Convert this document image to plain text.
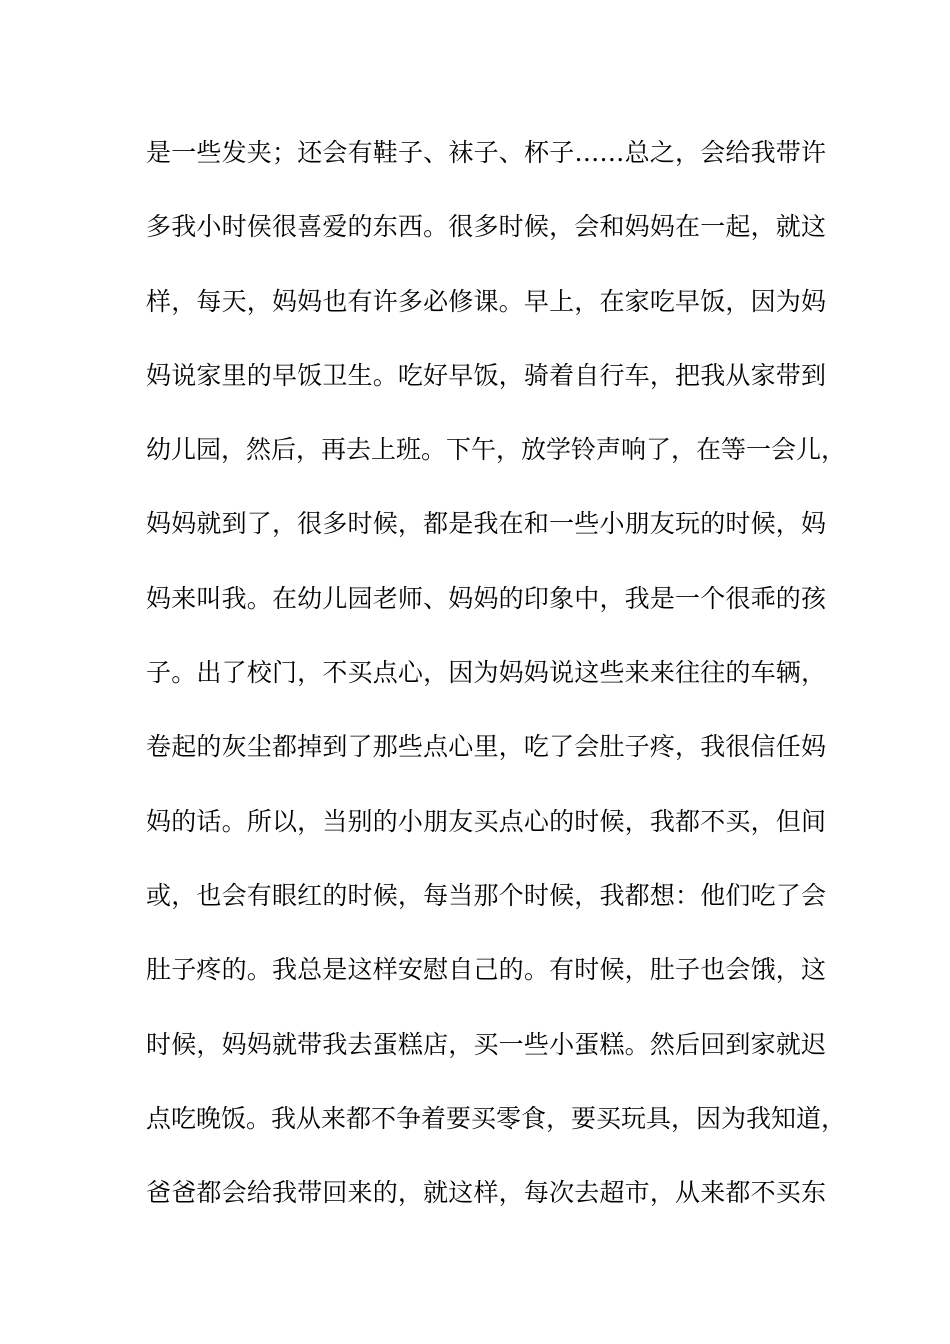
是一些发夹；还会有鞋子、袜子、杯子……总之，会给我带许
多我小时侯很喜爱的东西。很多时候，会和妈妈在一起，就这
样，每天，妈妈也有许多必修课。早上，在家吃早饭，因为妈
妈说家里的早饭卫生。吃好早饭，骑着自行车，把我从家带到
幼儿园，然后，再去上班。下午，放学铃声响了，在等一会儿，
妈妈就到了，很多时候，都是我在和一些小朋友玩的时候，妈
妈来叫我。在幼儿园老师、妈妈的印象中，我是一个很乖的孩
子。出了校门，不买点心，因为妈妈说这些来来往往的车辆，
卷起的灰尘都掉到了那些点心里，吃了会肚子疼，我很信任妈
妈的话。所以，当别的小朋友买点心的时候，我都不买，但间
或，也会有眼红的时候，每当那个时候，我都想：他们吃了会
肚子疼的。我总是这样安慰自己的。有时候，肚子也会饿，这
时候，妈妈就带我去蛋糕店，买一些小蛋糕。然后回到家就迟
点吃晚饭。我从来都不争着要买零食，要买玩具，因为我知道，
爸爸都会给我带回来的，就这样，每次去超市，从来都不买东
